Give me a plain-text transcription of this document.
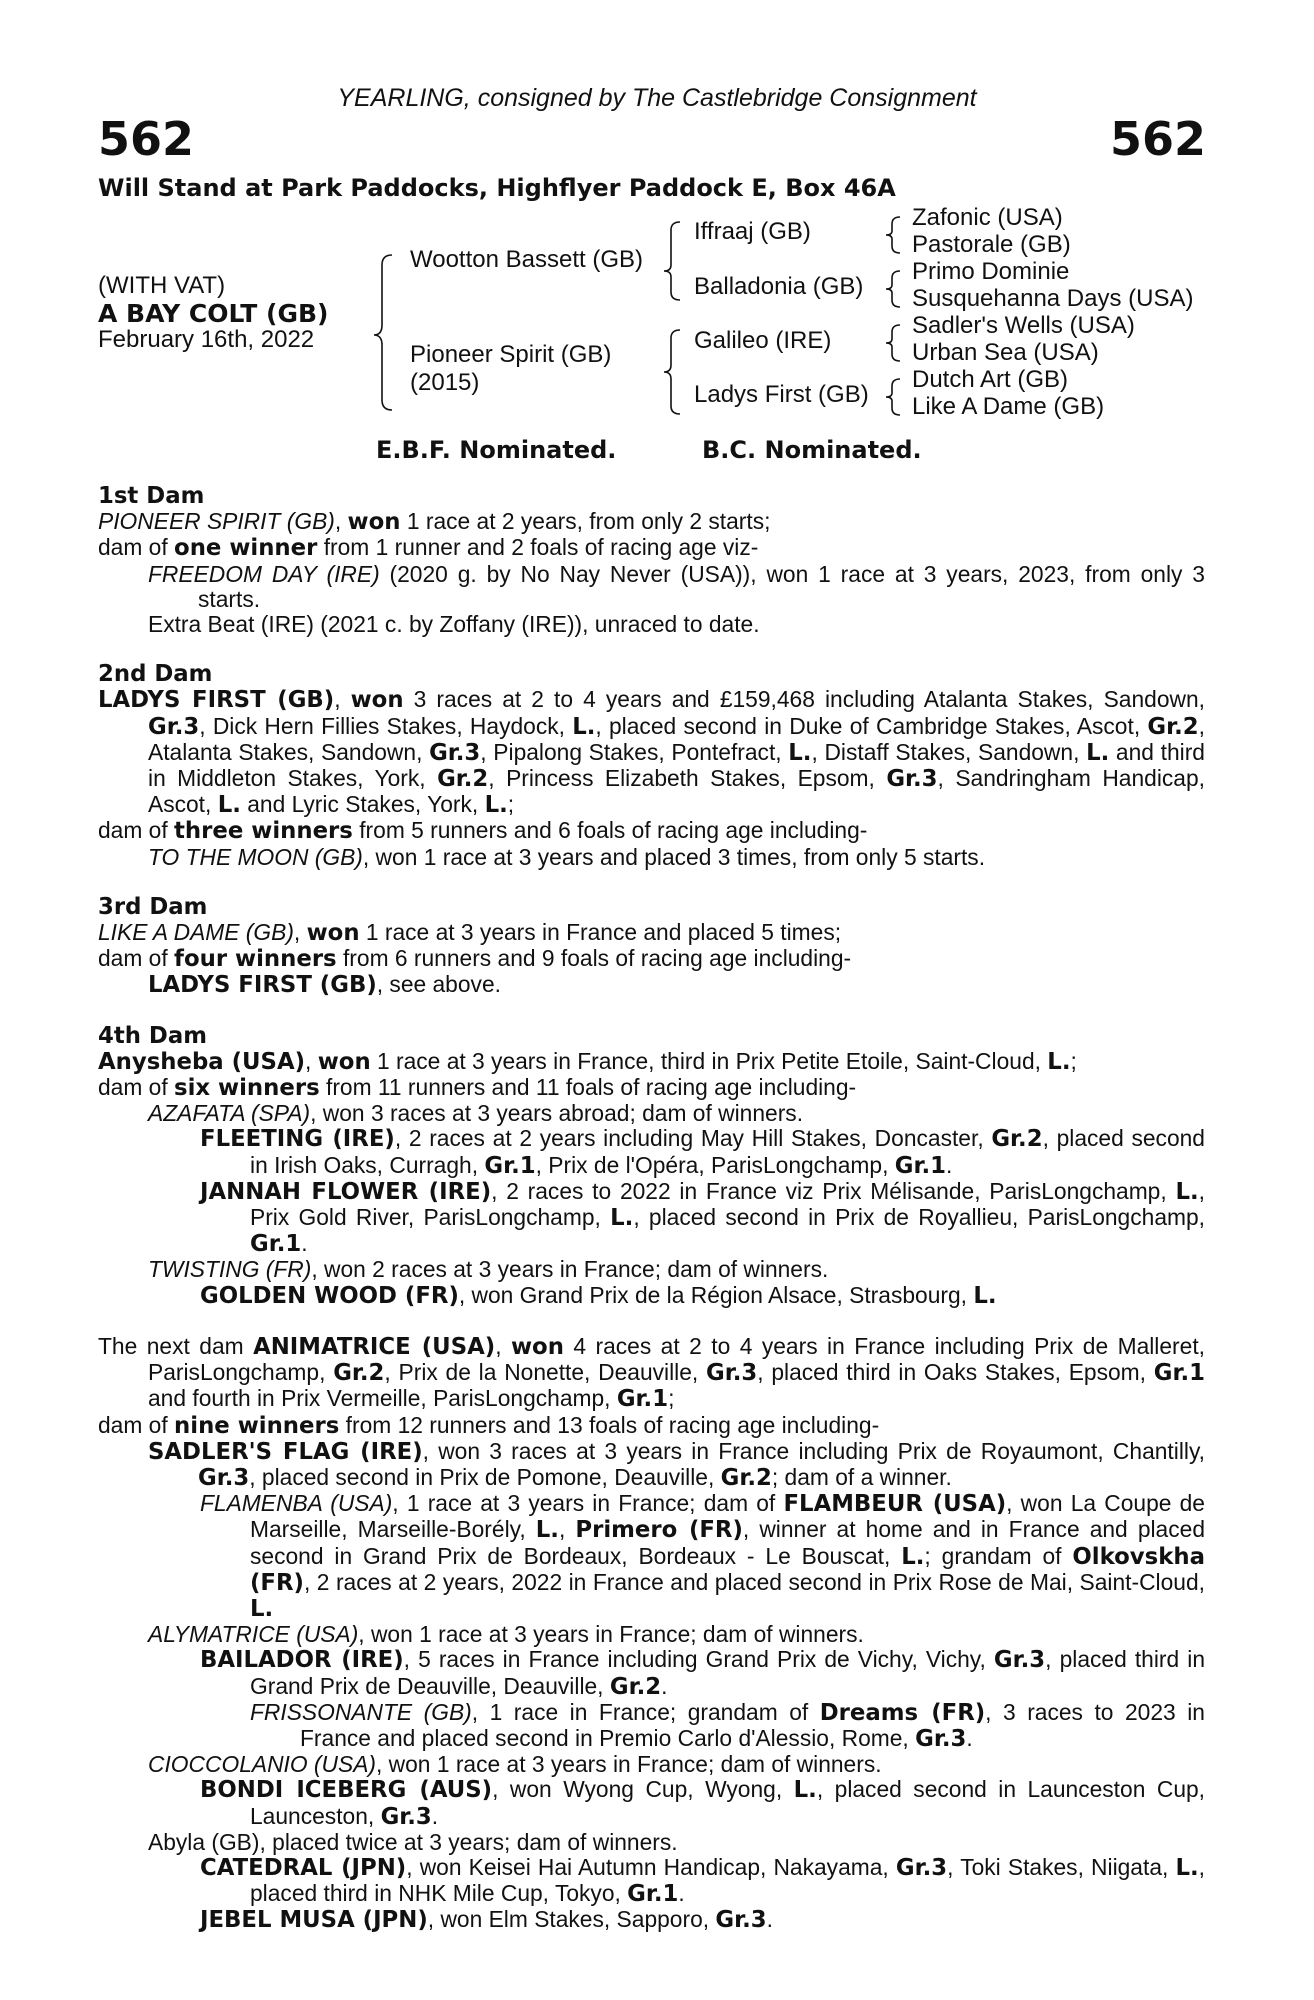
YEARLING, consigned by The Castlebridge Consignment
562	562
Will Stand at Park Paddocks, Highflyer Paddock E, Box 46A
(WITH VAT)
A BAY COLT (GB)
February 16th, 2022
Wootton Bassett (GB)
Pioneer Spirit (GB)
(2015)
Iffraaj (GB)
Balladonia (GB)
Galileo (IRE)
Ladys First (GB)
Zafonic (USA)
Pastorale (GB)
Primo Dominie
Susquehanna Days (USA)
Sadler's Wells (USA)
Urban Sea (USA)
Dutch Art (GB)
Like A Dame (GB)
E.B.F. Nominated.	B.C. Nominated.
1st Dam
PIONEER SPIRIT (GB), won 1 race at 2 years, from only 2 starts;
dam of one winner from 1 runner and 2 foals of racing age viz-
FREEDOM DAY (IRE) (2020 g. by No Nay Never (USA)), won 1 race at 3 years, 2023, from only 3 starts.
Extra Beat (IRE) (2021 c. by Zoffany (IRE)), unraced to date.
2nd Dam
LADYS FIRST (GB), won 3 races at 2 to 4 years and £159,468 including Atalanta Stakes, Sandown, Gr.3, Dick Hern Fillies Stakes, Haydock, L., placed second in Duke of Cambridge Stakes, Ascot, Gr.2, Atalanta Stakes, Sandown, Gr.3, Pipalong Stakes, Pontefract, L., Distaff Stakes, Sandown, L. and third in Middleton Stakes, York, Gr.2, Princess Elizabeth Stakes, Epsom, Gr.3, Sandringham Handicap, Ascot, L. and Lyric Stakes, York, L.;
dam of three winners from 5 runners and 6 foals of racing age including-
TO THE MOON (GB), won 1 race at 3 years and placed 3 times, from only 5 starts.
3rd Dam
LIKE A DAME (GB), won 1 race at 3 years in France and placed 5 times;
dam of four winners from 6 runners and 9 foals of racing age including-
LADYS FIRST (GB), see above.
4th Dam
Anysheba (USA), won 1 race at 3 years in France, third in Prix Petite Etoile, Saint-Cloud, L.;
dam of six winners from 11 runners and 11 foals of racing age including-
AZAFATA (SPA), won 3 races at 3 years abroad; dam of winners.
FLEETING (IRE), 2 races at 2 years including May Hill Stakes, Doncaster, Gr.2, placed second in Irish Oaks, Curragh, Gr.1, Prix de l'Opéra, ParisLongchamp, Gr.1.
JANNAH FLOWER (IRE), 2 races to 2022 in France viz Prix Mélisande, ParisLongchamp, L., Prix Gold River, ParisLongchamp, L., placed second in Prix de Royallieu, ParisLongchamp, Gr.1.
TWISTING (FR), won 2 races at 3 years in France; dam of winners.
GOLDEN WOOD (FR), won Grand Prix de la Région Alsace, Strasbourg, L.
The next dam ANIMATRICE (USA), won 4 races at 2 to 4 years in France including Prix de Malleret, ParisLongchamp, Gr.2, Prix de la Nonette, Deauville, Gr.3, placed third in Oaks Stakes, Epsom, Gr.1 and fourth in Prix Vermeille, ParisLongchamp, Gr.1;
dam of nine winners from 12 runners and 13 foals of racing age including-
SADLER'S FLAG (IRE), won 3 races at 3 years in France including Prix de Royaumont, Chantilly, Gr.3, placed second in Prix de Pomone, Deauville, Gr.2; dam of a winner.
FLAMENBA (USA), 1 race at 3 years in France; dam of FLAMBEUR (USA), won La Coupe de Marseille, Marseille-Borély, L., Primero (FR), winner at home and in France and placed second in Grand Prix de Bordeaux, Bordeaux - Le Bouscat, L.; grandam of Olkovskha (FR), 2 races at 2 years, 2022 in France and placed second in Prix Rose de Mai, Saint-Cloud, L.
ALYMATRICE (USA), won 1 race at 3 years in France; dam of winners.
BAILADOR (IRE), 5 races in France including Grand Prix de Vichy, Vichy, Gr.3, placed third in Grand Prix de Deauville, Deauville, Gr.2.
FRISSONANTE (GB), 1 race in France; grandam of Dreams (FR), 3 races to 2023 in France and placed second in Premio Carlo d'Alessio, Rome, Gr.3.
CIOCCOLANIO (USA), won 1 race at 3 years in France; dam of winners.
BONDI ICEBERG (AUS), won Wyong Cup, Wyong, L., placed second in Launceston Cup, Launceston, Gr.3.
Abyla (GB), placed twice at 3 years; dam of winners.
CATEDRAL (JPN), won Keisei Hai Autumn Handicap, Nakayama, Gr.3, Toki Stakes, Niigata, L., placed third in NHK Mile Cup, Tokyo, Gr.1.
JEBEL MUSA (JPN), won Elm Stakes, Sapporo, Gr.3.
